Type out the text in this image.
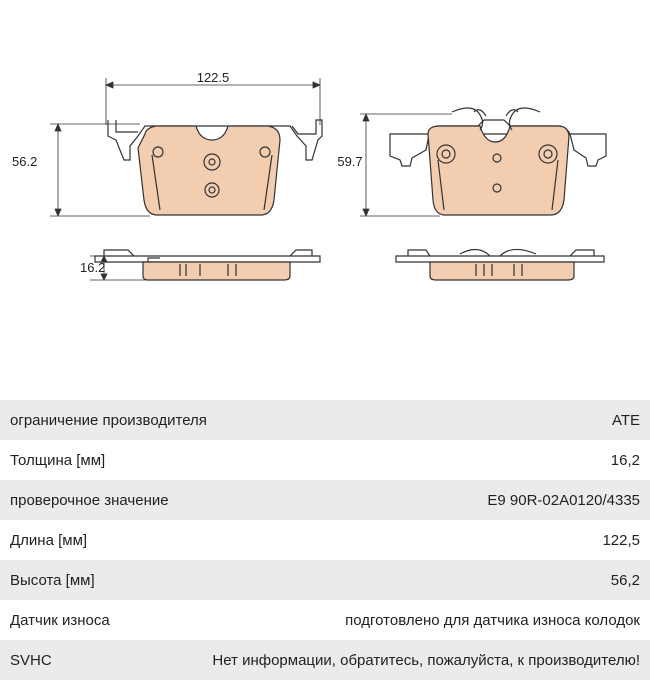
122.5
56.2	59.7
16.2
ограничение производителя	ATE
Толщина [мм]	16,2
проверочное значение	E9 90R-02A0120/4335
Длина [мм]	122,5
Высота [мм]	56,2
Датчик износа	подготовлено для датчика износа колодок
SVHC	Нет информации, обратитесь, пожалуйста, к производителю!
